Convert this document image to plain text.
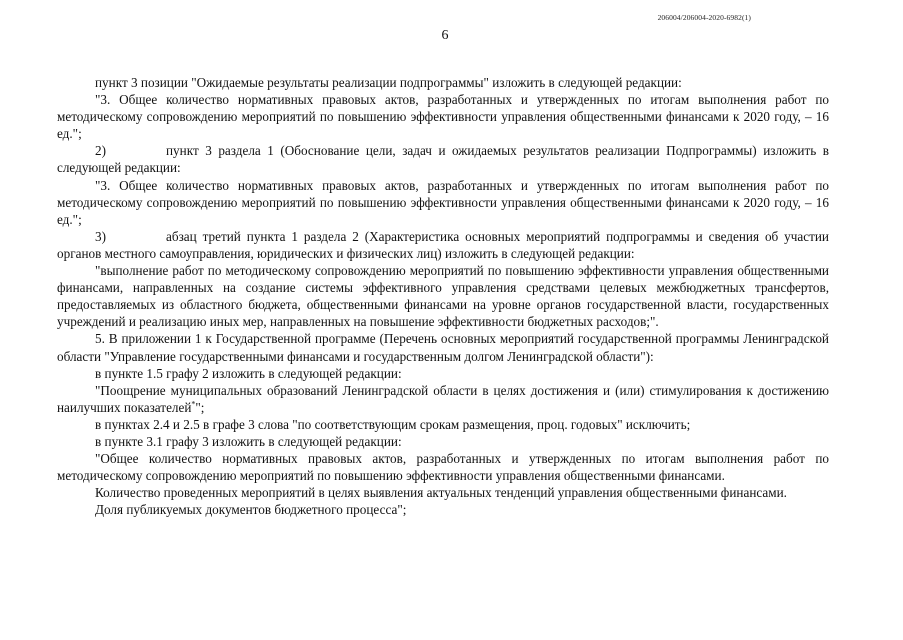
206004/206004-2020-6982(1)
6

пункт 3 позиции "Ожидаемые результаты реализации подпрограммы" изложить в следующей редакции:

"3. Общее количество нормативных правовых актов, разработанных и утвержденных по итогам выполнения работ по методическому сопровождению мероприятий по повышению эффективности управления общественными финансами к 2020 году, – 16 ед.";

2)	пункт 3 раздела 1 (Обоснование цели, задач и ожидаемых результатов реализации Подпрограммы) изложить в следующей редакции:

"3. Общее количество нормативных правовых актов, разработанных и утвержденных по итогам выполнения работ по методическому сопровождению мероприятий по повышению эффективности управления общественными финансами к 2020 году, – 16 ед.";

3)	абзац третий пункта 1 раздела 2 (Характеристика основных мероприятий подпрограммы и сведения об участии органов местного самоуправления, юридических и физических лиц) изложить в следующей редакции:

"выполнение работ по методическому сопровождению мероприятий по повышению эффективности управления общественными финансами, направленных на создание системы эффективного управления средствами целевых межбюджетных трансфертов, предоставляемых из областного бюджета, общественными финансами на уровне органов государственной власти, государственных учреждений и реализацию иных мер, направленных на повышение эффективности бюджетных расходов;".

5. В приложении 1 к Государственной программе (Перечень основных мероприятий государственной программы Ленинградской области "Управление государственными финансами и государственным долгом Ленинградской области"):

в пункте 1.5 графу 2 изложить в следующей редакции:

"Поощрение муниципальных образований Ленинградской области в целях достижения и (или) стимулирования к достижению наилучших показателей*";

в пунктах 2.4 и 2.5 в графе 3 слова "по соответствующим срокам размещения, проц. годовых" исключить;

в пункте 3.1 графу 3 изложить в следующей редакции:

"Общее количество нормативных правовых актов, разработанных и утвержденных по итогам выполнения работ по методическому сопровождению мероприятий по повышению эффективности управления общественными финансами.

Количество проведенных мероприятий в целях выявления актуальных тенденций управления общественными финансами.

Доля публикуемых документов бюджетного процесса";
